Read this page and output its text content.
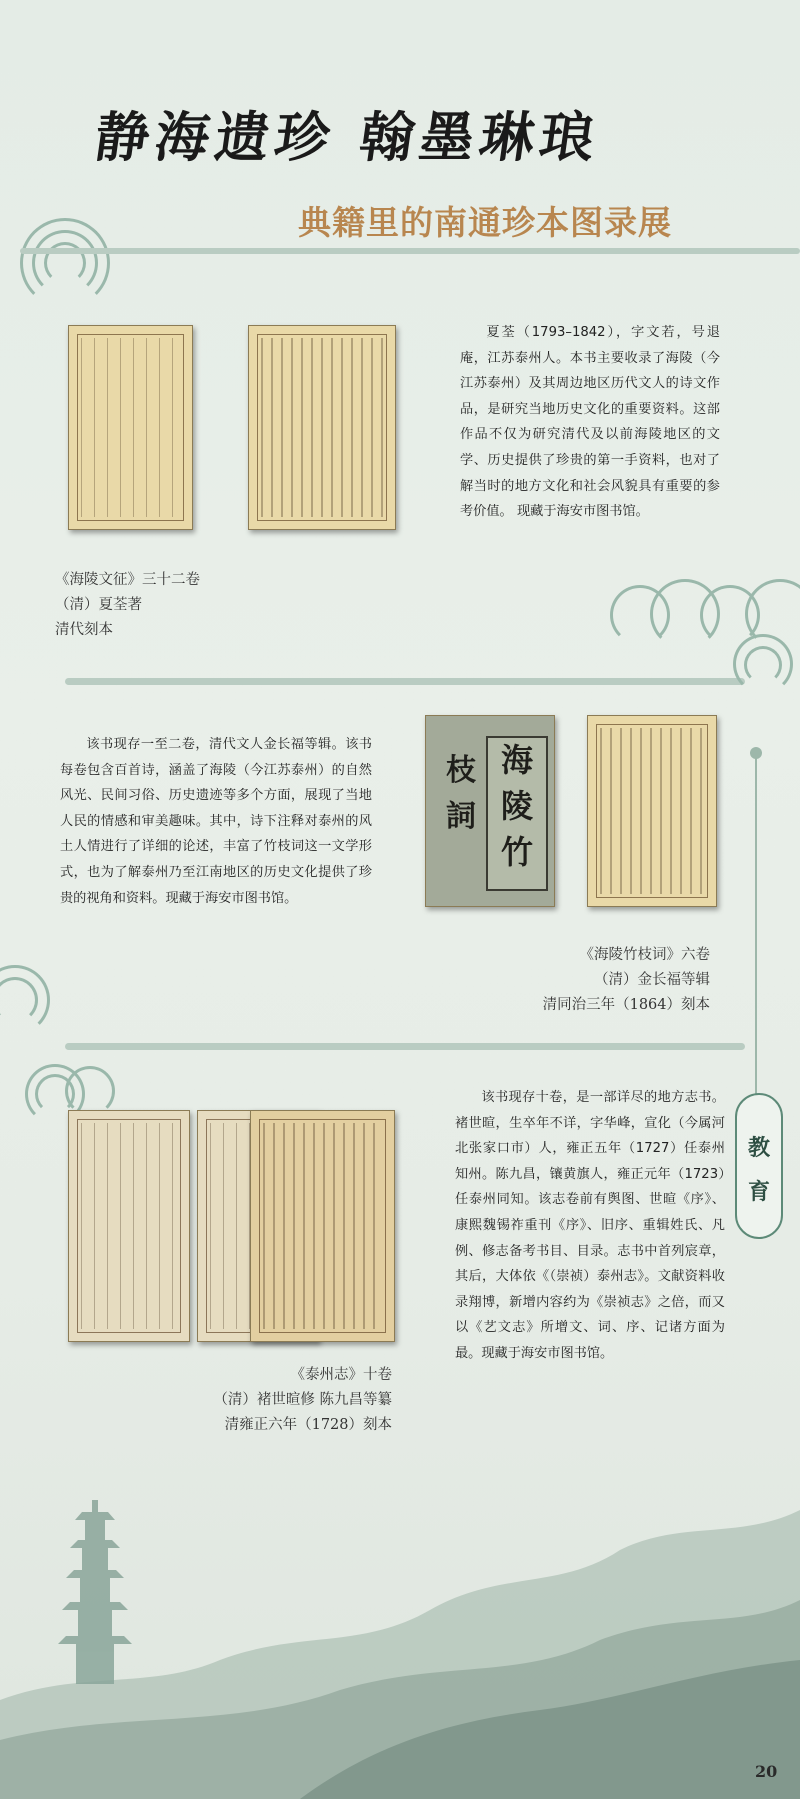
静海遗珍 翰墨琳琅
典籍里的南通珍本图录展
《海陵文征》三十二卷
（清）夏荃著
清代刻本
夏荃（1793–1842），字文若，号退庵，江苏泰州人。本书主要收录了海陵（今江苏泰州）及其周边地区历代文人的诗文作品，是研究当地历史文化的重要资料。这部作品不仅为研究清代及以前海陵地区的文学、历史提供了珍贵的第一手资料，也对了解当时的地方文化和社会风貌具有重要的参考价值。 现藏于海安市图书馆。
该书现存一至二卷，清代文人金长福等辑。该书每卷包含百首诗，涵盖了海陵（今江苏泰州）的自然风光、民间习俗、历史遗迹等多个方面，展现了当地人民的情感和审美趣味。其中，诗下注释对泰州的风土人情进行了详细的论述，丰富了竹枝词这一文学形式，也为了解泰州乃至江南地区的历史文化提供了珍贵的视角和资料。现藏于海安市图书馆。
海
陵
竹
枝
詞
《海陵竹枝词》六卷
（清）金长福等辑
清同治三年（1864）刻本
教
育
该书现存十卷，是一部详尽的地方志书。褚世暄，生卒年不详，字华峰，宣化（今属河北张家口市）人，雍正五年（1727）任泰州知州。陈九昌，镶黄旗人，雍正元年（1723）任泰州同知。该志卷前有舆图、世暄《序》、康熙魏锡祚重刊《序》、旧序、重辑姓氏、凡例、修志备考书目、目录。志书中首列宸章，其后，大体依《（崇祯）泰州志》。文献资料收录翔博，新增内容约为《崇祯志》之倍，而又以《艺文志》所增文、词、序、记诸方面为最。现藏于海安市图书馆。
《泰州志》十卷
（清）褚世暄修 陈九昌等纂
清雍正六年（1728）刻本
20
